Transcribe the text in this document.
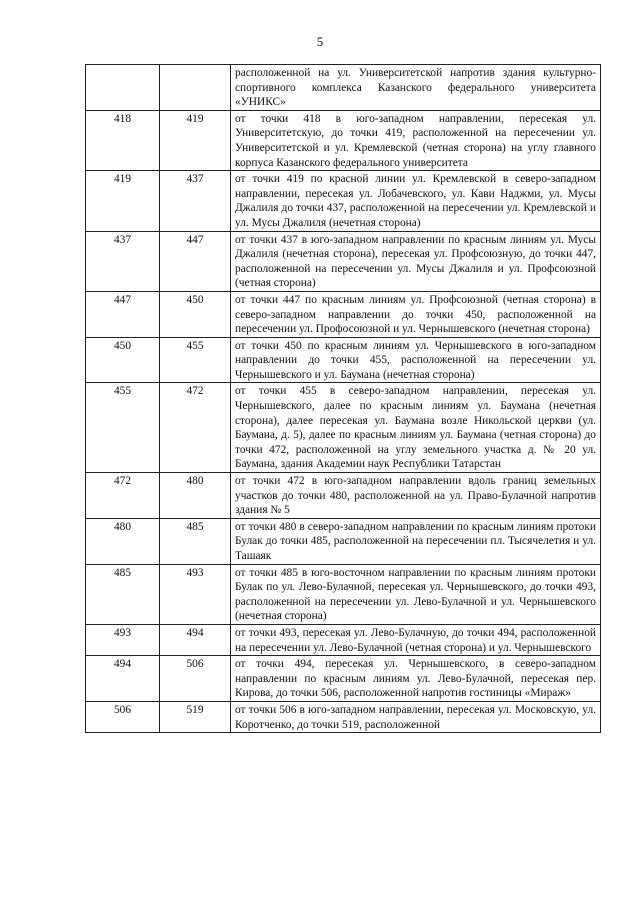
5
		расположенной на ул. Университетской напротив здания культурно-спортивного комплекса Казанского федерального университета «УНИКС»
418	419	от точки 418 в юго-западном направлении, пересекая ул. Университетскую, до точки 419, расположенной на пересечении ул. Университетской и ул. Кремлевской (четная сторона) на углу главного корпуса Казанского федерального университета
419	437	от точки 419 по красной линии ул. Кремлевской в северо-западном направлении, пересекая ул. Лобачевского, ул. Кави Наджми, ул. Мусы Джалиля до точки 437, расположенной на пересечении ул. Кремлевской и ул. Мусы Джалиля (нечетная сторона)
437	447	от точки 437 в юго-западном направлении по красным линиям ул. Мусы Джалиля (нечетная сторона), пересекая ул. Профсоюзную, до точки 447, расположенной на пересечении ул. Мусы Джалиля и ул. Профсоюзной (четная сторона)
447	450	от точки 447 по красным линиям ул. Профсоюзной (четная сторона) в северо-западном направлении до точки 450, расположенной на пересечении ул. Профосоюзной и ул. Чернышевского (нечетная сторона)
450	455	от точки 450 по красным линиям ул. Чернышевского в юго-западном направлении до точки 455, расположенной на пересечении ул. Чернышевского и ул. Баумана (нечетная сторона)
455	472	от точки 455 в северо-западном направлении, пересекая ул. Чернышевского, далее по красным линиям ул. Баумана (нечетная сторона), далее пересекая ул. Баумана возле Никольской церкви (ул. Баумана, д. 5), далее по красным линиям ул. Баумана (четная сторона) до точки 472, расположенной на углу земельного участка д. № 20 ул. Баумана, здания Академии наук Республики Татарстан
472	480	от точки 472 в юго-западном направлении вдоль границ земельных участков до точки 480, расположенной на ул. Право-Булачной напротив здания № 5
480	485	от точки 480 в северо-западном направлении по красным линиям протоки Булак до точки 485, расположенной на пересечении пл. Тысячелетия и ул. Ташаяк
485	493	от точки 485 в юго-восточном направлении по красным линиям протоки Булак по ул. Лево-Булачной, пересекая ул. Чернышевского, до точки 493, расположенной на пересечении ул. Лево-Булачной и ул. Чернышевского (нечетная сторона)
493	494	от точки 493, пересекая ул. Лево-Булачную, до точки 494, расположенной на пересечении ул. Лево-Булачной (четная сторона) и ул. Чернышевского
494	506	от точки 494, пересекая ул. Чернышевского, в северо-западном направлении по красным линиям ул. Лево-Булачной, пересекая пер. Кирова, до точки 506, расположенной напротив гостиницы «Мираж»
506	519	от точки 506 в юго-западном направлении, пересекая ул. Московскую, ул. Коротченко, до точки 519, расположенной
